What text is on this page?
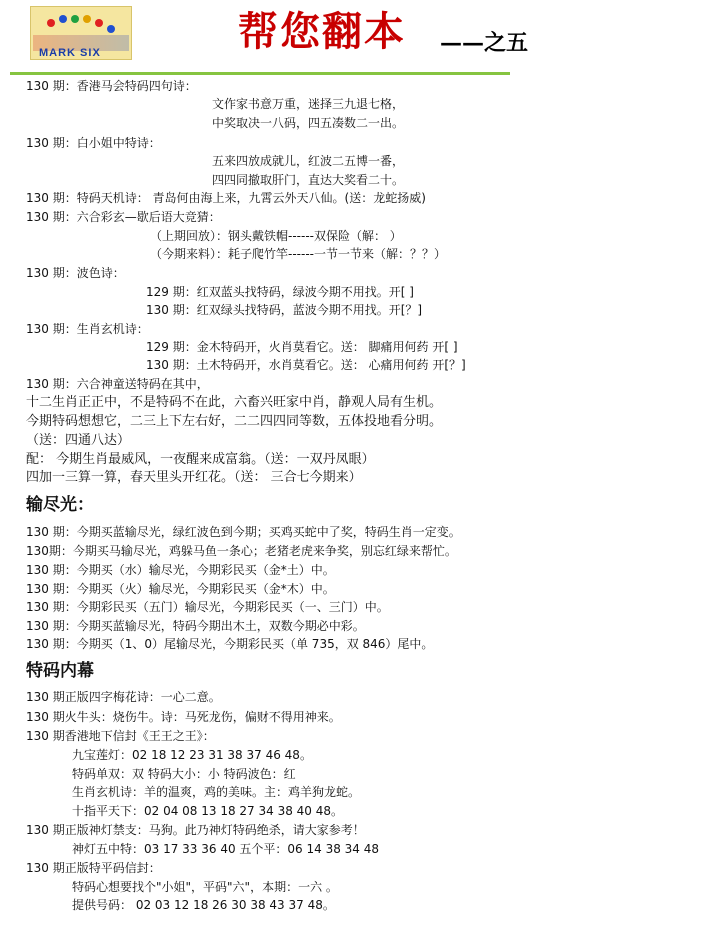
MARK SIX	帮您翻本 ——之五
130 期：香港马会特码四句诗：
文作家书意万重，迷择三九退七格，
中奖取决一八码，四五凑数二一出。
130 期：白小姐中特诗：
五来四放成就儿，红波二五博一番，
四四同撤取肝门，直达大奖看二十。
130 期：特码天机诗： 青岛何由海上来，九霄云外天八仙。(送：龙蛇扬威)
130 期：六合彩玄—歇后语大竞猜：
（上期回放）：钢头戴铁帽------双保险（解： ）
（今期来料）：耗子爬竹竿------一节一节来（解：？？）
130 期：波色诗：
129 期：红双蓝头找特码，绿波今期不用找。开[ ]
130 期：红双绿头找特码，蓝波今期不用找。开[？]
130 期：生肖玄机诗：
129 期：金木特码开，火肖莫看它。送： 脚痛用何药 开[ ]
130 期：土木特码开，水肖莫看它。送： 心痛用何药 开[？]
130 期：六合神童送特码在其中，
十二生肖正正中，不是特码不在此，六畜兴旺家中肖，静观人局有生机。
今期特码想想它，二三上下左右好，二二四四同等数，五体投地看分明。
（送：四通八达）
配： 今期生肖最威风，一夜醒来成富翁。（送：一双丹凤眼）
四加一三算一算，春天里头开红花。（送： 三合七今期来）
输尽光：
130 期：今期买蓝输尽光，绿红波色到今期；买鸡买蛇中了奖，特码生肖一定变。
130期：今期买马输尽光，鸡躲马鱼一条心；老猪老虎来争奖，别忘红绿来帮忙。
130 期：今期买（水）输尽光，今期彩民买（金*土）中。
130 期：今期买（火）输尽光，今期彩民买（金*木）中。
130 期：今期彩民买（五门）输尽光，今期彩民买（一、三门）中。
130 期：今期买蓝输尽光，特码今期出木土，双数今期必中彩。
130 期：今期买（1、0）尾输尽光，今期彩民买（单 735，双 846）尾中。
特码内幕
130 期正版四字梅花诗：一心二意。
130 期火牛头：烧伤牛。诗：马死龙伤，偏财不得用神来。
130 期香港地下信封《王王之王》：
九宝莲灯：02 18 12 23 31 38 37 46 48。
特码单双：双 特码大小：小 特码波色：红
生肖玄机诗：羊的温爽，鸡的美味。主：鸡羊狗龙蛇。
十指平天下：02 04 08 13 18 27 34 38 40 48。
130 期正版神灯禁支：马狗。此乃神灯特码绝杀，请大家参考！
神灯五中特：03 17 33 36 40 五个平：06 14 38 34 48
130 期正版特平码信封：
特码心想要找个"小姐"，平码"六"，本期：一六 。
提供号码： 02 03 12 18 26 30 38 43 37 48。
